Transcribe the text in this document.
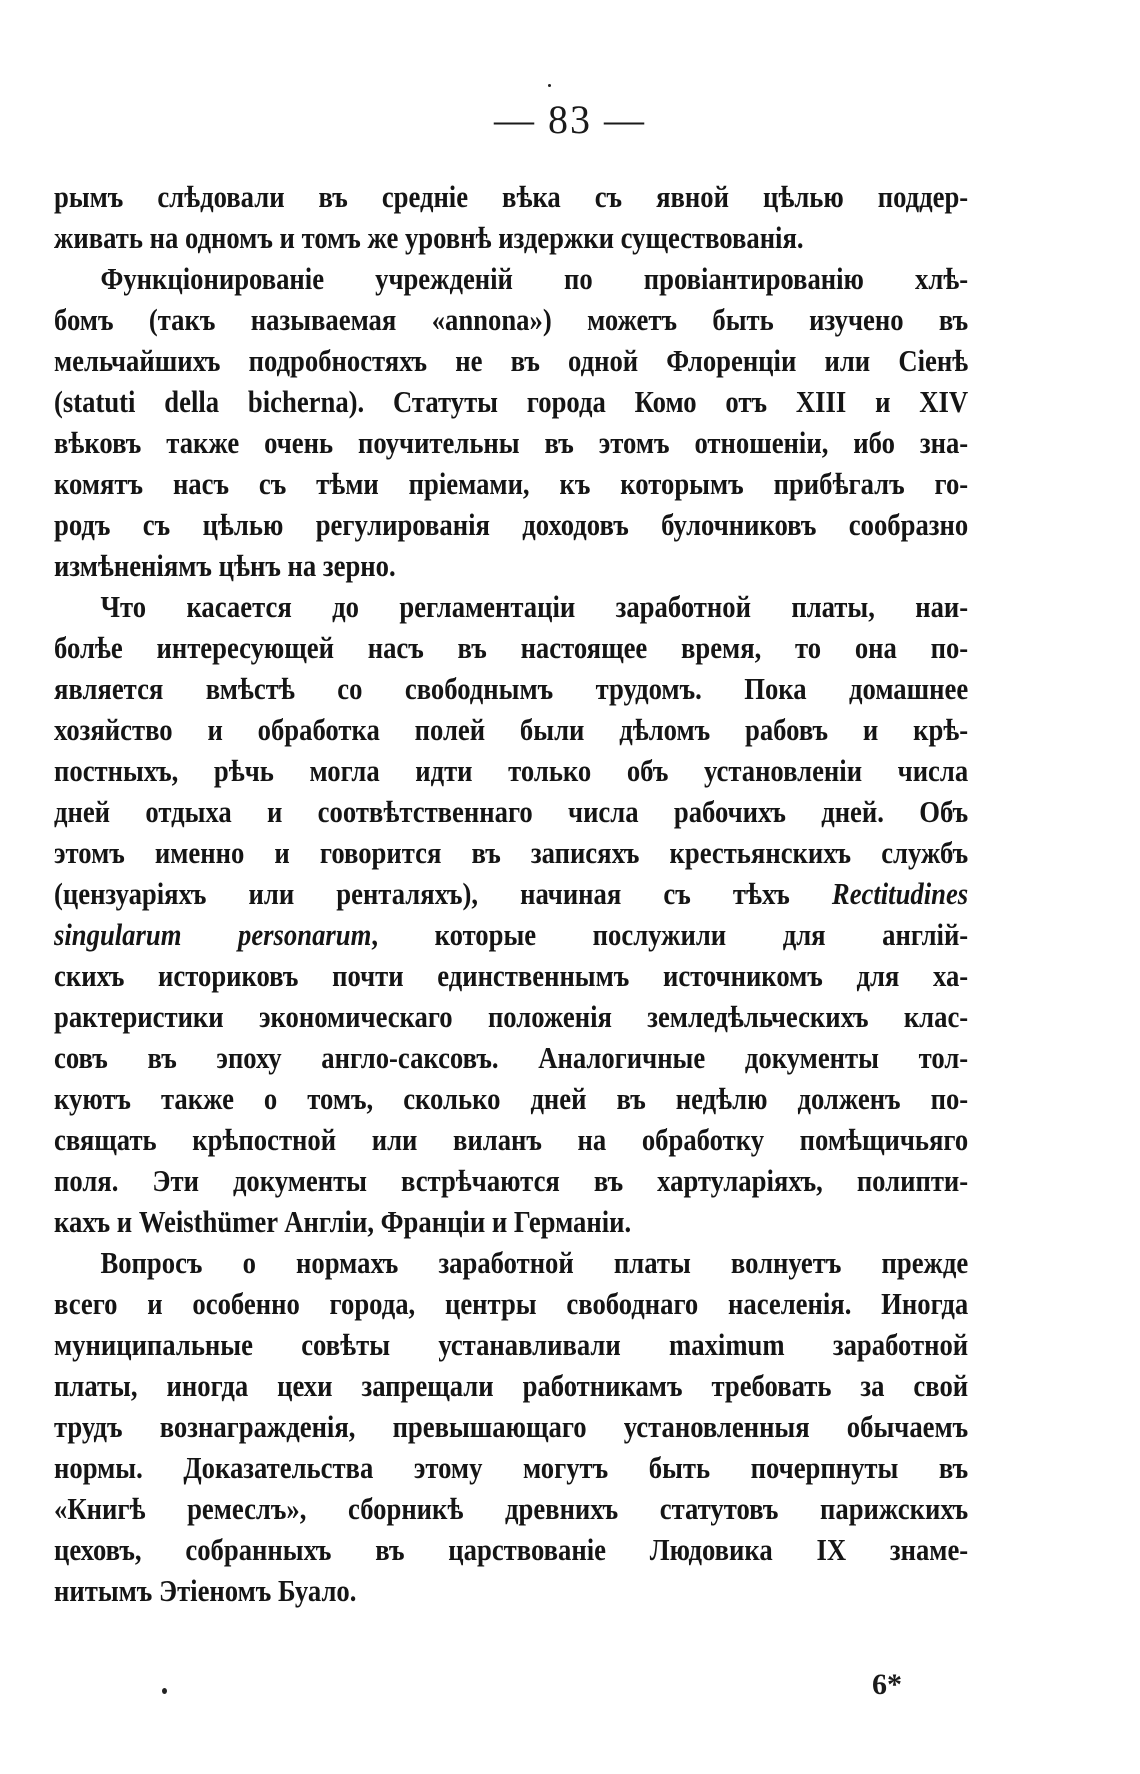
— 83 —
рымъ слѣдовали въ среднiе вѣка съ явной цѣлью поддер-
живать на одномъ и томъ же уровнѣ издержки существованiя.
Функцiонированiе учрежденiй по провiантированiю хлѣ-
бомъ (такъ называемая «annona») можетъ быть изучено въ
мельчайшихъ подробностяхъ не въ одной Флоренцiи или Сiенѣ
(statuti della bicherna). Статуты города Комо отъ XIII и XIV
вѣковъ также очень поучительны въ этомъ отношенiи, ибо зна-
комятъ насъ съ тѣми прiемами, къ которымъ прибѣгалъ го-
родъ съ цѣлью регулированiя доходовъ булочниковъ сообразно
измѣненiямъ цѣнъ на зерно.
Что касается до регламентацiи заработной платы, наи-
болѣе интересующей насъ въ настоящее время, то она по-
является вмѣстѣ со свободнымъ трудомъ. Пока домашнее
хозяйство и обработка полей были дѣломъ рабовъ и крѣ-
постныхъ, рѣчь могла идти только объ установленiи числа
дней отдыха и соотвѣтственнаго числа рабочихъ дней. Объ
этомъ именно и говорится въ записяхъ крестьянскихъ службъ
(цензуарiяхъ или ренталяхъ), начиная съ тѣхъ Rectitudines
singularum personarum, которые послужили для англiй-
скихъ историковъ почти единственнымъ источникомъ для ха-
рактеристики экономическаго положенiя земледѣльческихъ клас-
совъ въ эпоху англо-саксовъ. Аналогичные документы тол-
куютъ также о томъ, сколько дней въ недѣлю долженъ по-
свящать крѣпостной или виланъ на обработку помѣщичьяго
поля. Эти документы встрѣчаются въ хартуларiяхъ, полипти-
кахъ и Weisthümer Англiи, Францiи и Германiи.
Вопросъ о нормахъ заработной платы волнуетъ прежде
всего и особенно города, центры свободнаго населенiя. Иногда
муниципальные совѣты устанавливали maximum заработной
платы, иногда цехи запрещали работникамъ требовать за свой
трудъ вознагражденiя, превышающаго установленныя обычаемъ
нормы. Доказательства этому могутъ быть почерпнуты въ
«Книгѣ ремеслъ», сборникѣ древнихъ статутовъ парижскихъ
цеховъ, собранныхъ въ царствованiе Людовика IX знаме-
нитымъ Этiеномъ Буало.
6*
